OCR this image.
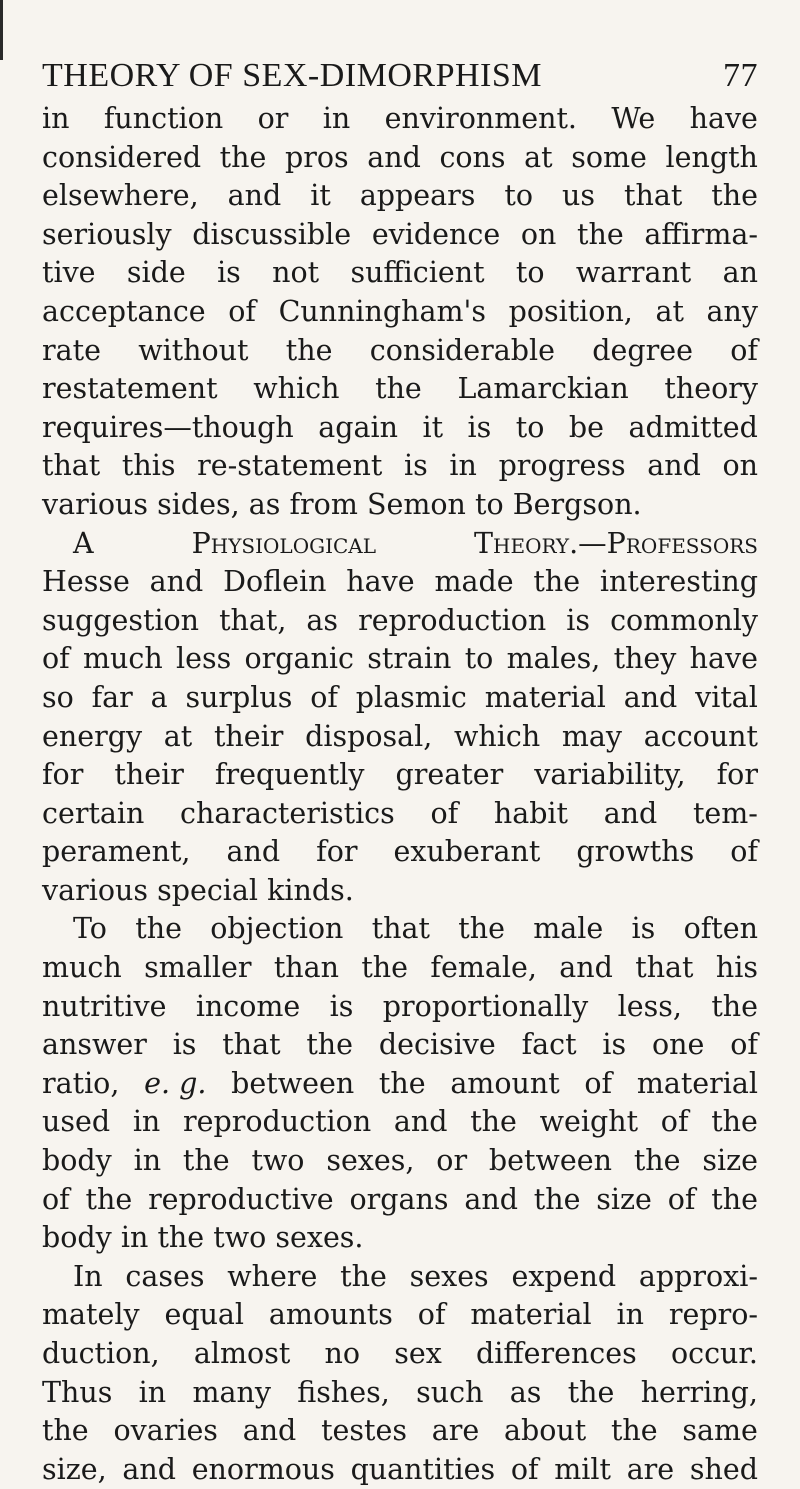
THEORY OF SEX-DIMORPHISM	77
in function or in environment. We have
considered the pros and cons at some length
elsewhere, and it appears to us that the
seriously discussible evidence on the affirma-
tive side is not sufficient to warrant an
acceptance of Cunningham's position, at any
rate without the considerable degree of
restatement which the Lamarckian theory
requires—though again it is to be admitted
that this re-statement is in progress and on
various sides, as from Semon to Bergson.
A	Physiological	Theory.—Professors
Hesse and Doflein have made the interesting
suggestion that, as reproduction is commonly
of much less organic strain to males, they have
so far a surplus of plasmic material and vital
energy at their disposal, which may account
for their frequently greater variability, for
certain characteristics of habit and tem-
perament, and for exuberant growths of
various special kinds.
To the objection that the male is often
much smaller than the female, and that his
nutritive income is proportionally less, the
answer is that the decisive fact is one of
ratio, e. g. between the amount of material
used in reproduction and the weight of the
body in the two sexes, or between the size
of the reproductive organs and the size of the
body in the two sexes.
In cases where the sexes expend approxi-
mately equal amounts of material in repro-
duction, almost no sex differences occur.
Thus in many fishes, such as the herring,
the ovaries and testes are about the same
size, and enormous quantities of milt are shed
